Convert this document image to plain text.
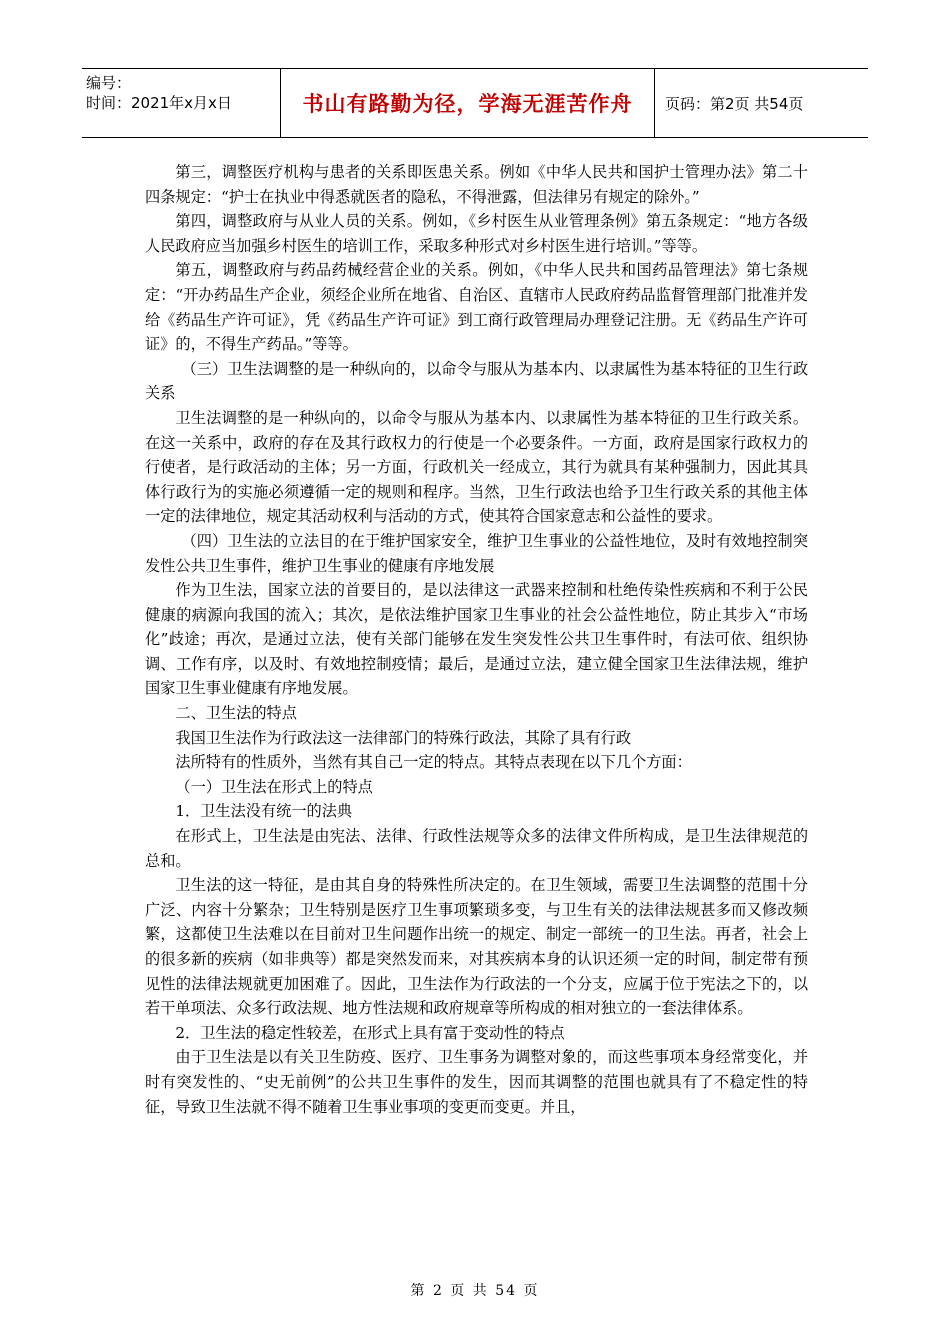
编号：
时间：2021年x月x日	书山有路勤为径，学海无涯苦作舟	页码：第2页 共54页

第三，调整医疗机构与患者的关系即医患关系。例如《中华人民共和国护士管理办法》第二十四条规定：“护士在执业中得悉就医者的隐私，不得泄露，但法律另有规定的除外。”

第四，调整政府与从业人员的关系。例如，《乡村医生从业管理条例》第五条规定：“地方各级人民政府应当加强乡村医生的培训工作，采取多种形式对乡村医生进行培训。”等等。

第五，调整政府与药品药械经营企业的关系。例如，《中华人民共和国药品管理法》第七条规定：“开办药品生产企业，须经企业所在地省、自治区、直辖市人民政府药品监督管理部门批准并发给《药品生产许可证》，凭《药品生产许可证》到工商行政管理局办理登记注册。无《药品生产许可证》的，不得生产药品。”等等。

（三）卫生法调整的是一种纵向的，以命令与服从为基本内、以隶属性为基本特征的卫生行政关系

卫生法调整的是一种纵向的，以命令与服从为基本内、以隶属性为基本特征的卫生行政关系。在这一关系中，政府的存在及其行政权力的行使是一个必要条件。一方面，政府是国家行政权力的行使者，是行政活动的主体；另一方面，行政机关一经成立，其行为就具有某种强制力，因此其具体行政行为的实施必须遵循一定的规则和程序。当然，卫生行政法也给予卫生行政关系的其他主体一定的法律地位，规定其活动权利与活动的方式，使其符合国家意志和公益性的要求。

（四）卫生法的立法目的在于维护国家安全，维护卫生事业的公益性地位，及时有效地控制突发性公共卫生事件，维护卫生事业的健康有序地发展

作为卫生法，国家立法的首要目的，是以法律这一武器来控制和杜绝传染性疾病和不利于公民健康的病源向我国的流入；其次，是依法维护国家卫生事业的社会公益性地位，防止其步入“市场化”歧途；再次，是通过立法，使有关部门能够在发生突发性公共卫生事件时，有法可依、组织协调、工作有序，以及时、有效地控制疫情；最后，是通过立法，建立健全国家卫生法律法规，维护国家卫生事业健康有序地发展。

二、卫生法的特点

我国卫生法作为行政法这一法律部门的特殊行政法，其除了具有行政

法所特有的性质外，当然有其自己一定的特点。其特点表现在以下几个方面：

（一）卫生法在形式上的特点

1．卫生法没有统一的法典

在形式上，卫生法是由宪法、法律、行政性法规等众多的法律文件所构成，是卫生法律规范的总和。

卫生法的这一特征，是由其自身的特殊性所决定的。在卫生领域，需要卫生法调整的范围十分广泛、内容十分繁杂；卫生特别是医疗卫生事项繁琐多变，与卫生有关的法律法规甚多而又修改频繁，这都使卫生法难以在目前对卫生问题作出统一的规定、制定一部统一的卫生法。再者，社会上的很多新的疾病（如非典等）都是突然发而来，对其疾病本身的认识还须一定的时间，制定带有预见性的法律法规就更加困难了。因此，卫生法作为行政法的一个分支，应属于位于宪法之下的，以若干单项法、众多行政法规、地方性法规和政府规章等所构成的相对独立的一套法律体系。

2．卫生法的稳定性较差，在形式上具有富于变动性的特点

由于卫生法是以有关卫生防疫、医疗、卫生事务为调整对象的，而这些事项本身经常变化，并时有突发性的、“史无前例”的公共卫生事件的发生，因而其调整的范围也就具有了不稳定性的特征，导致卫生法就不得不随着卫生事业事项的变更而变更。并且，

第 2 页 共 54 页
